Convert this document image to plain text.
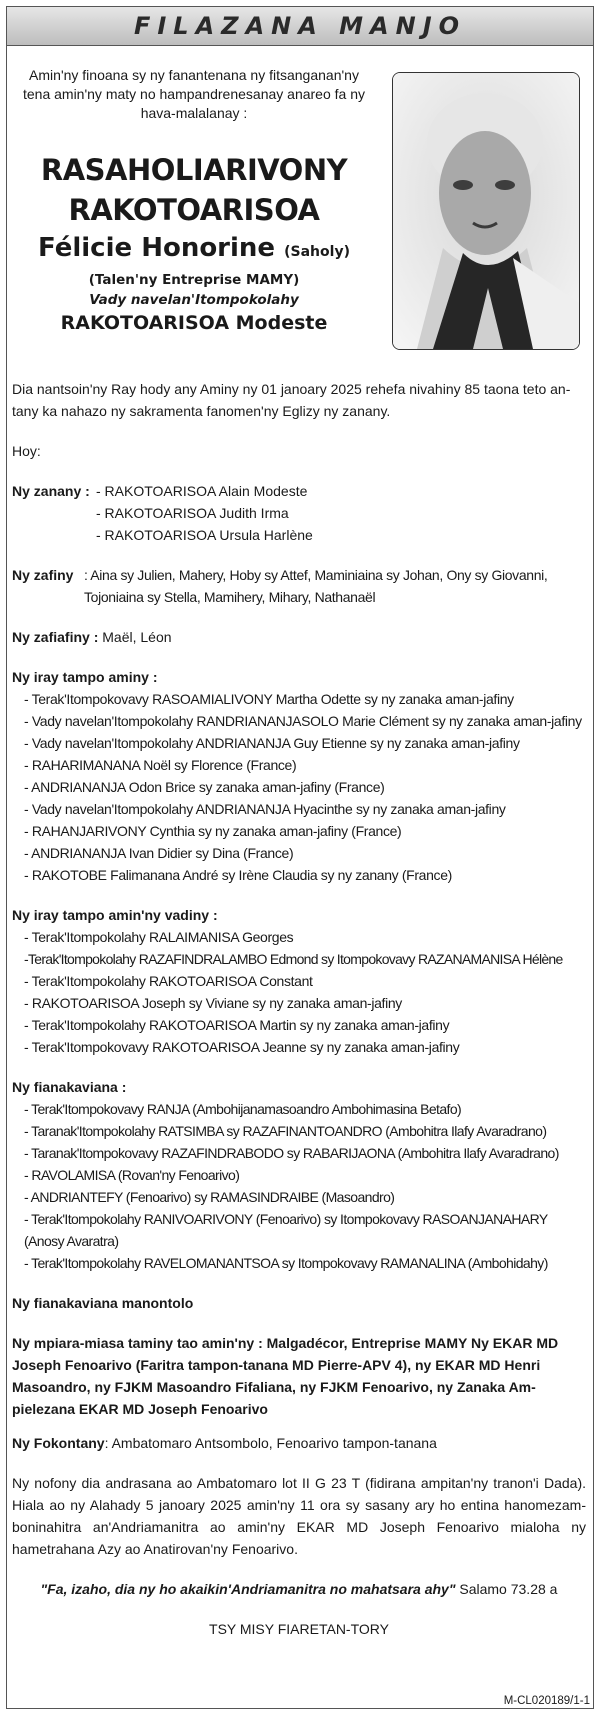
FILAZANA MANJO
Amin'ny finoana sy ny fanantenana ny fitsanganan'ny tena amin'ny maty no hampandrenesanay anareo fa ny hava-malalanay :
RASAHOLIARIVONY
RAKOTOARISOA
Félicie Honorine (Saholy)
(Talen'ny Entreprise MAMY)
Vady navelan'Itompokolahy
RAKOTOARISOA Modeste

Dia nantsoin'ny Ray hody any Aminy ny 01 janoary 2025 rehefa nivahiny 85 taona teto an-tany ka nahazo ny sakramenta fanomen'ny Eglizy ny zanany.

Hoy:

Ny zanany : - RAKOTOARISOA Alain Modeste
- RAKOTOARISOA Judith Irma
- RAKOTOARISOA Ursula Harlène
Ny zafiny : Aina sy Julien, Mahery, Hoby sy Attef, Maminiaina sy Johan, Ony sy Giovanni, Tojoniaina sy Stella, Mamihery, Mihary, Nathanaël

Ny zafiafiny : Maël, Léon

Ny iray tampo aminy :

- Terak'Itompokovavy RASOAMIALIVONY Martha Odette sy ny zanaka aman-jafiny
- Vady navelan'Itompokolahy RANDRIANANJASOLO Marie Clément sy ny zanaka aman-jafiny
- Vady navelan'Itompokolahy ANDRIANANJA Guy Etienne sy ny zanaka aman-jafiny
- RAHARIMANANA Noël sy Florence (France)
- ANDRIANANJA Odon Brice sy zanaka aman-jafiny (France)
- Vady navelan'Itompokolahy ANDRIANANJA Hyacinthe sy ny zanaka aman-jafiny
- RAHANJARIVONY Cynthia sy ny zanaka aman-jafiny (France)
- ANDRIANANJA Ivan Didier sy Dina (France)
- RAKOTOBE Falimanana André sy Irène Claudia sy ny zanany (France)

Ny iray tampo amin'ny vadiny :

- Terak'Itompokolahy RALAIMANISA Georges
-Terak'Itompokolahy RAZAFINDRALAMBO Edmond sy Itompokovavy RAZANAMANISA Hélène
- Terak'Itompokolahy RAKOTOARISOA Constant
- RAKOTOARISOA Joseph sy Viviane sy ny zanaka aman-jafiny
- Terak'Itompokolahy RAKOTOARISOA Martin sy ny zanaka aman-jafiny
- Terak'Itompokovavy RAKOTOARISOA Jeanne sy ny zanaka aman-jafiny

Ny fianakaviana :

- Terak'Itompokovavy RANJA (Ambohijanamasoandro Ambohimasina Betafo)
- Taranak'Itompokolahy RATSIMBA sy RAZAFINANTOANDRO (Ambohitra Ilafy Avaradrano)
- Taranak'Itompokovavy RAZAFINDRABODO sy RABARIJAONA (Ambohitra Ilafy Avaradrano)
- RAVOLAMISA (Rovan'ny Fenoarivo)
- ANDRIANTEFY (Fenoarivo) sy RAMASINDRAIBE (Masoandro)
- Terak'Itompokolahy RANIVOARIVONY (Fenoarivo) sy Itompokovavy RASOANJANAHARY (Anosy Avaratra)
- Terak'Itompokolahy RAVELOMANANTSOA sy Itompokovavy RAMANALINA (Ambohidahy)

Ny fianakaviana manontolo

Ny mpiara-miasa taminy tao amin'ny : Malgadécor, Entreprise MAMY Ny EKAR MD Joseph Fenoarivo (Faritra tampon-tanana MD Pierre-APV 4), ny EKAR MD Henri Masoandro, ny FJKM Masoandro Fifaliana, ny FJKM Fenoarivo, ny Zanaka Am-pielezana EKAR MD Joseph Fenoarivo

Ny Fokontany: Ambatomaro Antsombolo, Fenoarivo tampon-tanana

Ny nofony dia andrasana ao Ambatomaro lot II G 23 T (fidirana ampitan'ny tranon'i Dada). Hiala ao ny Alahady 5 janoary 2025 amin'ny 11 ora sy sasany ary ho entina hanomezam-boninahitra an'Andriamanitra ao amin'ny EKAR MD Joseph Fenoarivo mialoha ny hametrahana Azy ao Anatirovan'ny Fenoarivo.

"Fa, izaho, dia ny ho akaikin'Andriamanitra no mahatsara ahy" Salamo 73.28 a

TSY MISY FIARETAN-TORY

M-CL020189/1-1
